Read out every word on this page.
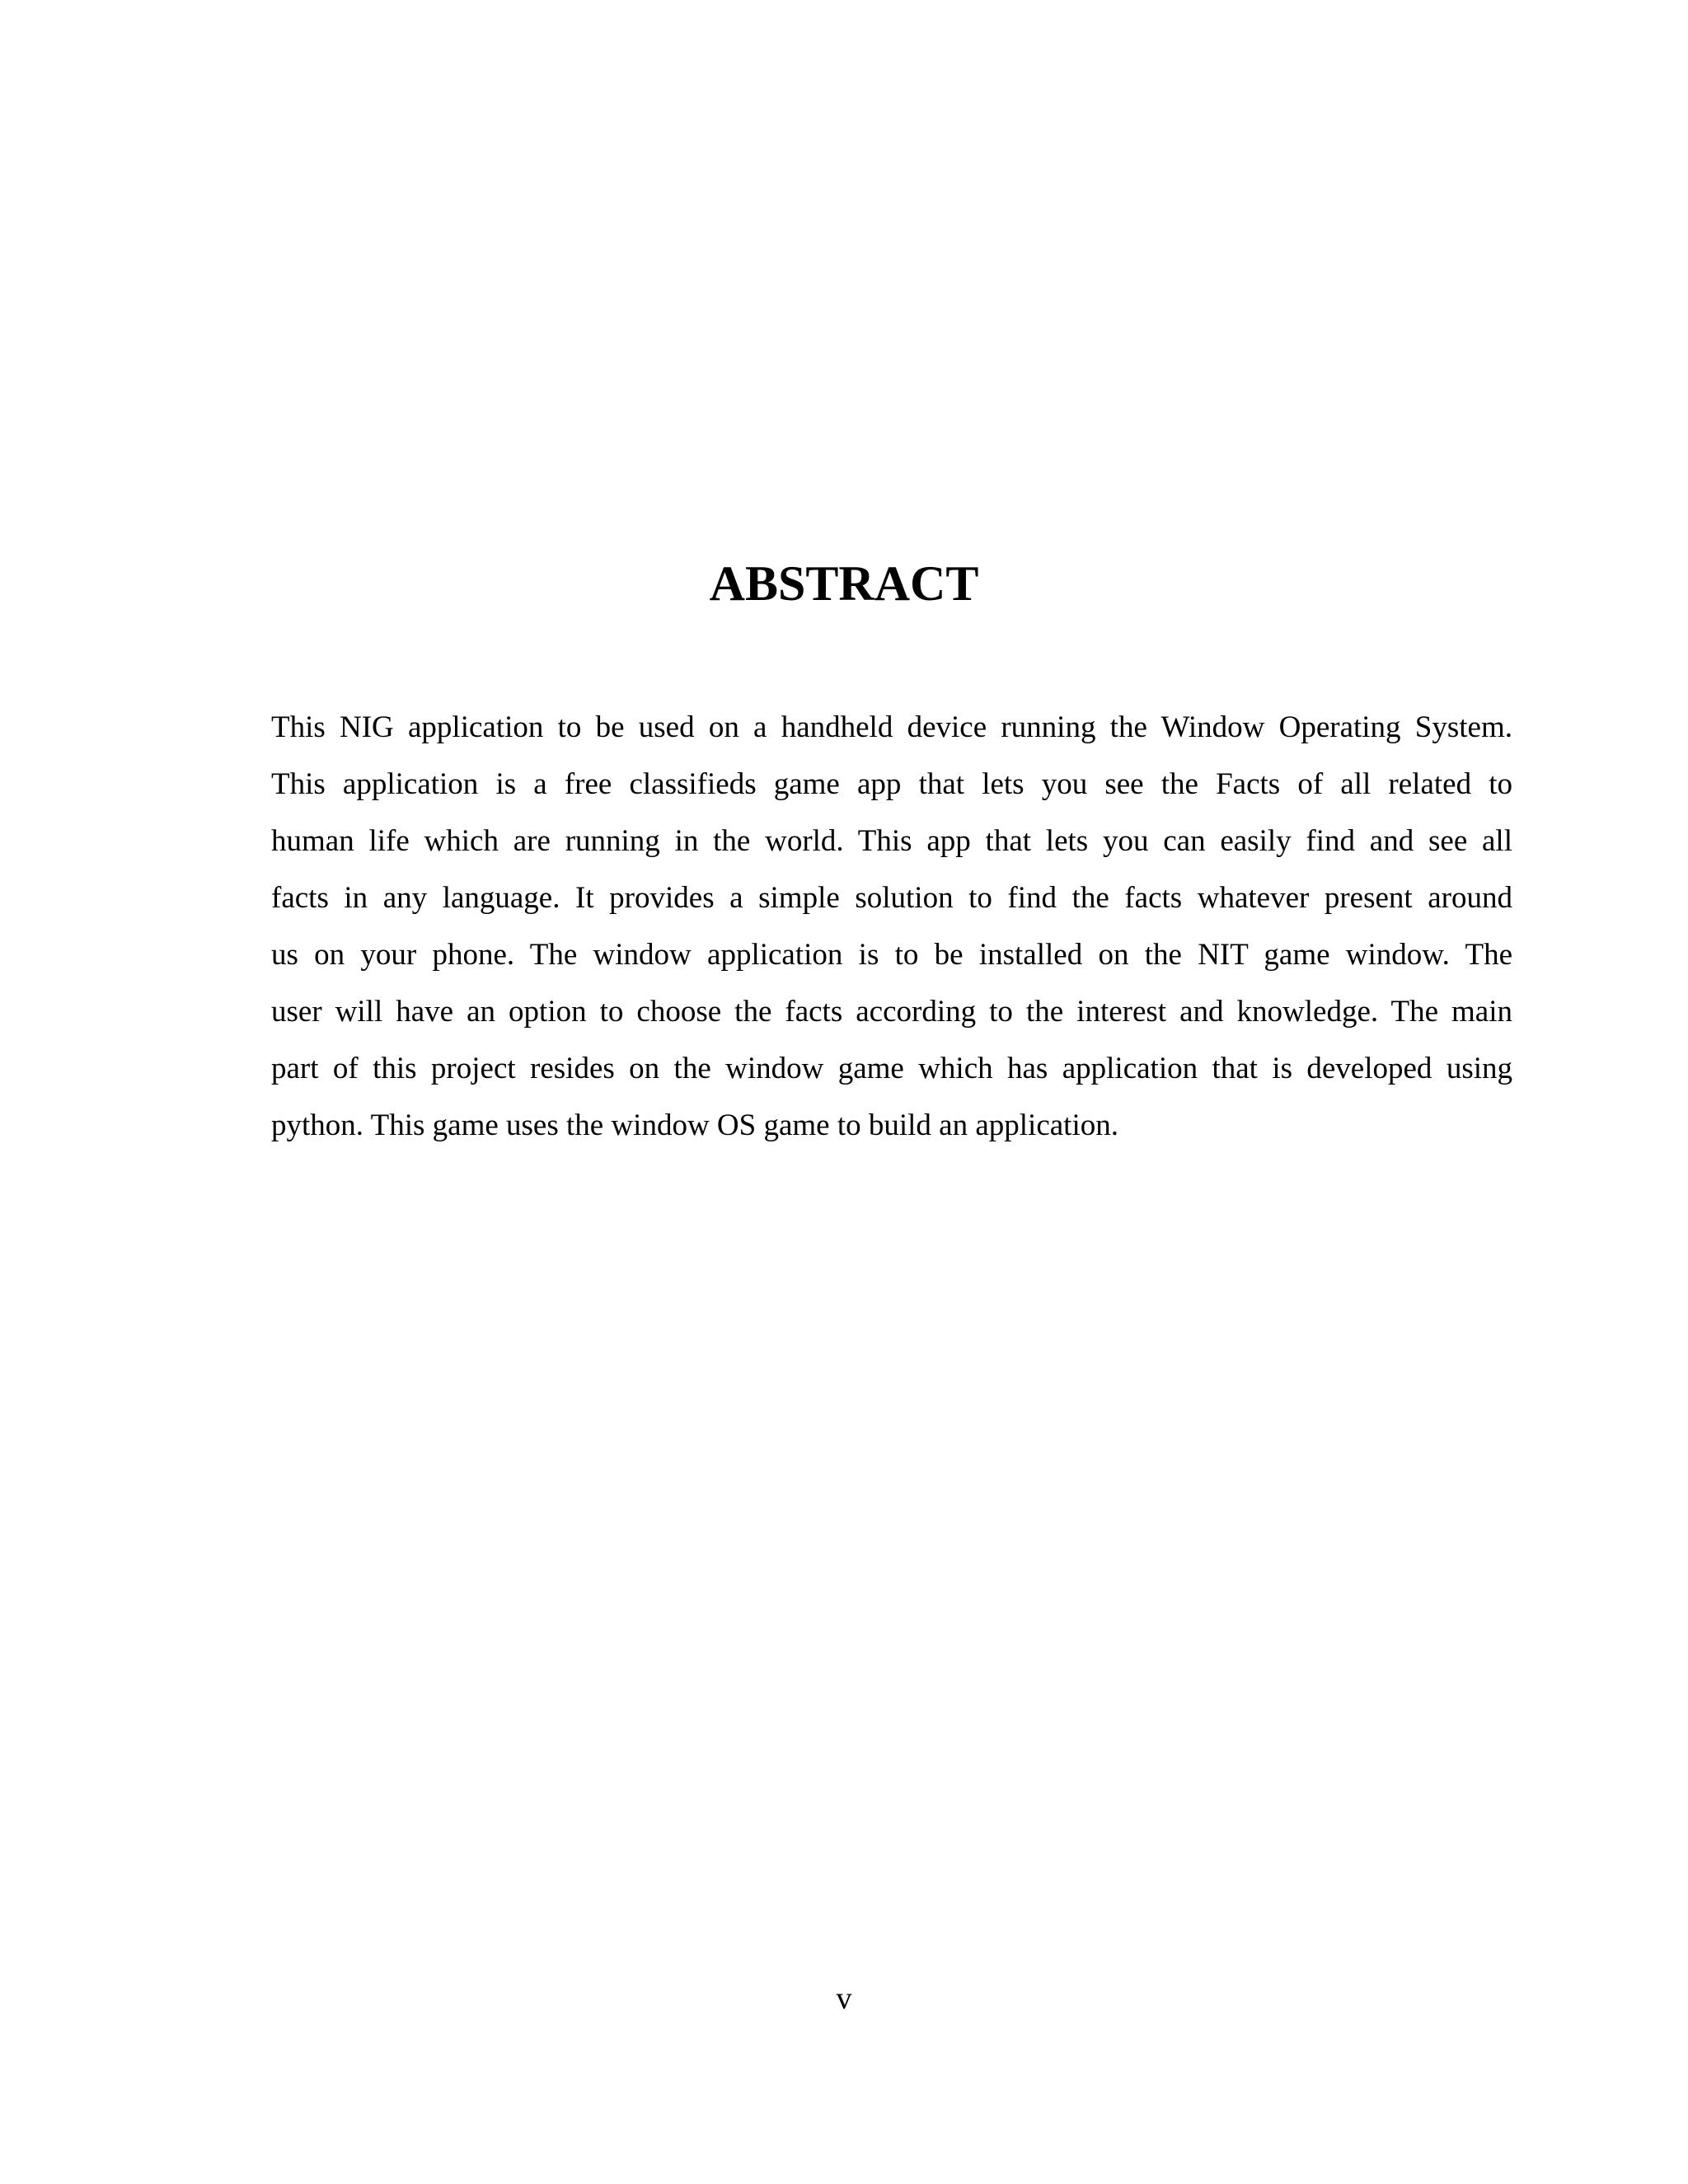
ABSTRACT
This NIG application to be used on a handheld device running the Window Operating System.
This application is a free classifieds game app that lets you see the Facts of all related to
human life which are running in the world. This app that lets you can easily find and see all
facts in any language. It provides a simple solution to find the facts whatever present around
us on your phone. The window application is to be installed on the NIT game window. The
user will have an option to choose the facts according to the interest and knowledge. The main
part of this project resides on the window game which has application that is developed using
python. This game uses the window OS game to build an application.
v
